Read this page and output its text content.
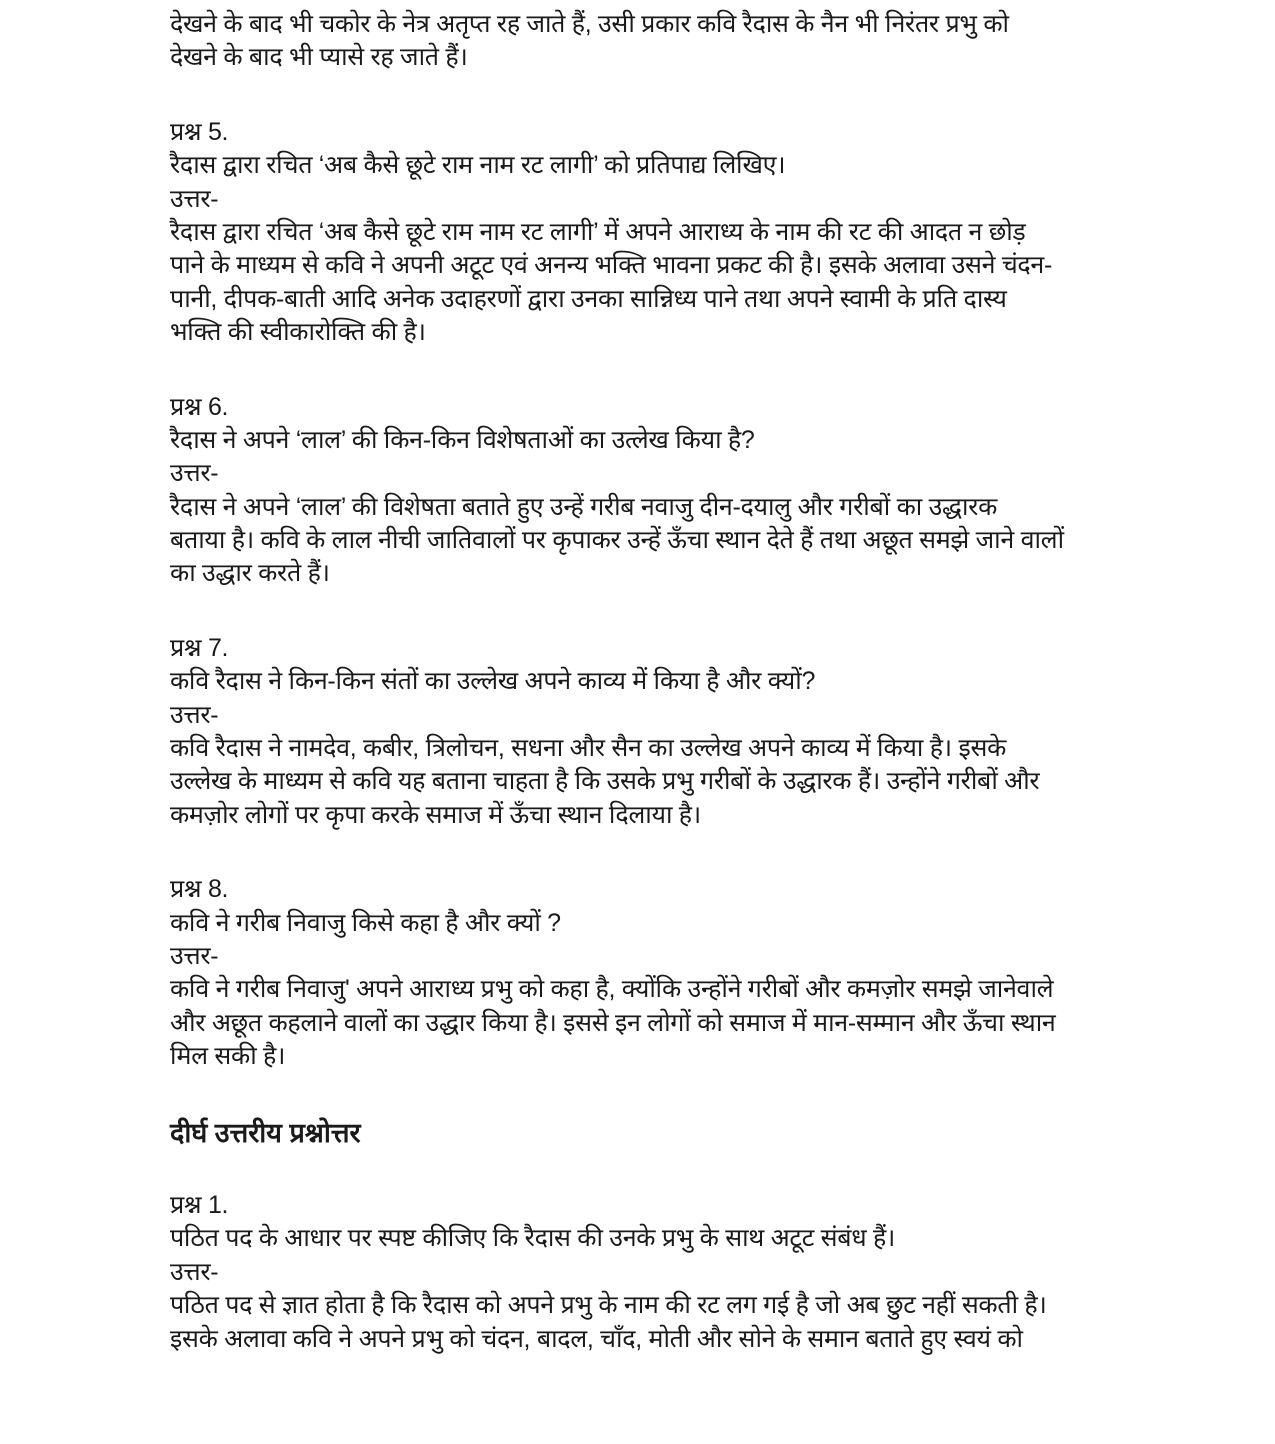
देखने के बाद भी चकोर के नेत्र अतृप्त रह जाते हैं, उसी प्रकार कवि रैदास के नैन भी निरंतर प्रभु को
देखने के बाद भी प्यासे रह जाते हैं।
प्रश्न 5.
रैदास द्वारा रचित ‘अब कैसे छूटे राम नाम रट लागी’ को प्रतिपाद्य लिखिए।
उत्तर-
रैदास द्वारा रचित ‘अब कैसे छूटे राम नाम रट लागी’ में अपने आराध्य के नाम की रट की आदत न छोड़
पाने के माध्यम से कवि ने अपनी अटूट एवं अनन्य भक्ति भावना प्रकट की है। इसके अलावा उसने चंदन-
पानी, दीपक-बाती आदि अनेक उदाहरणों द्वारा उनका सान्निध्य पाने तथा अपने स्वामी के प्रति दास्य
भक्ति की स्वीकारोक्ति की है।
प्रश्न 6.
रैदास ने अपने ‘लाल’ की किन-किन विशेषताओं का उत्लेख किया है?
उत्तर-
रैदास ने अपने ‘लाल’ की विशेषता बताते हुए उन्हें गरीब नवाजु दीन-दयालु और गरीबों का उद्धारक
बताया है। कवि के लाल नीची जातिवालों पर कृपाकर उन्हें ऊँचा स्थान देते हैं तथा अछूत समझे जाने वालों
का उद्धार करते हैं।
प्रश्न 7.
कवि रैदास ने किन-किन संतों का उल्लेख अपने काव्य में किया है और क्यों?
उत्तर-
कवि रैदास ने नामदेव, कबीर, त्रिलोचन, सधना और सैन का उल्लेख अपने काव्य में किया है। इसके
उल्लेख के माध्यम से कवि यह बताना चाहता है कि उसके प्रभु गरीबों के उद्धारक हैं। उन्होंने गरीबों और
कमज़ोर लोगों पर कृपा करके समाज में ऊँचा स्थान दिलाया है।
प्रश्न 8.
कवि ने गरीब निवाजु किसे कहा है और क्यों ?
उत्तर-
कवि ने गरीब निवाजु' अपने आराध्य प्रभु को कहा है, क्योंकि उन्होंने गरीबों और कमज़ोर समझे जानेवाले
और अछूत कहलाने वालों का उद्धार किया है। इससे इन लोगों को समाज में मान-सम्मान और ऊँचा स्थान
मिल सकी है।
दीर्घ उत्तरीय प्रश्नोत्तर
प्रश्न 1.
पठित पद के आधार पर स्पष्ट कीजिए कि रैदास की उनके प्रभु के साथ अटूट संबंध हैं।
उत्तर-
पठित पद से ज्ञात होता है कि रैदास को अपने प्रभु के नाम की रट लग गई है जो अब छुट नहीं सकती है।
इसके अलावा कवि ने अपने प्रभु को चंदन, बादल, चाँद, मोती और सोने के समान बताते हुए स्वयं को
